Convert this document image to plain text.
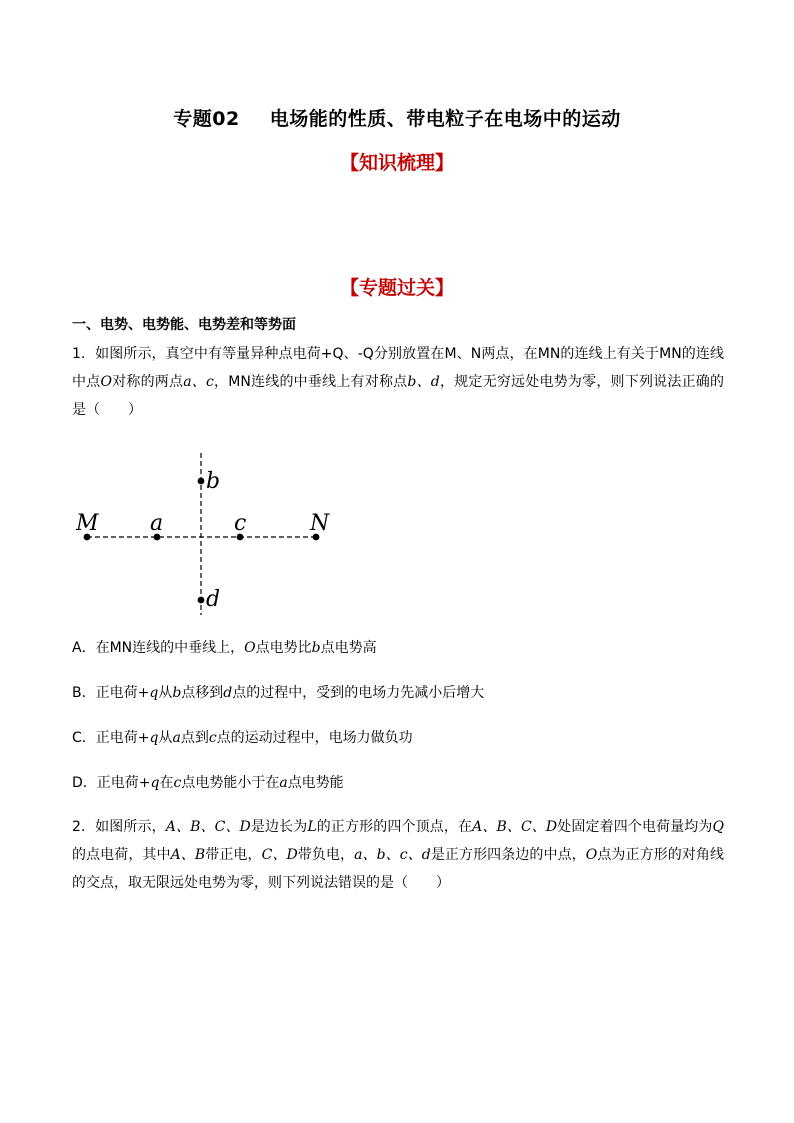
专题02 电场能的性质、带电粒子在电场中的运动
【知识梳理】
【专题过关】
一、电势、电势能、电势差和等势面
1．如图所示，真空中有等量异种点电荷+Q、-Q分别放置在M、N两点，在MN的连线上有关于MN的连线中点O对称的两点a、c，MN连线的中垂线上有对称点b、d，规定无穷远处电势为零，则下列说法正确的是（　　）
M a	c	N
b
d
A．在MN连线的中垂线上，O点电势比b点电势高
B．正电荷+q从b点移到d点的过程中，受到的电场力先减小后增大
C．正电荷+q从a点到c点的运动过程中，电场力做负功
D．正电荷+q在c点电势能小于在a点电势能
2．如图所示，A、B、C、D是边长为L的正方形的四个顶点，在A、B、C、D处固定着四个电荷量均为Q的点电荷，其中A、B带正电，C、D带负电，a、b、c、d是正方形四条边的中点，O点为正方形的对角线的交点，取无限远处电势为零，则下列说法错误的是（　　）
